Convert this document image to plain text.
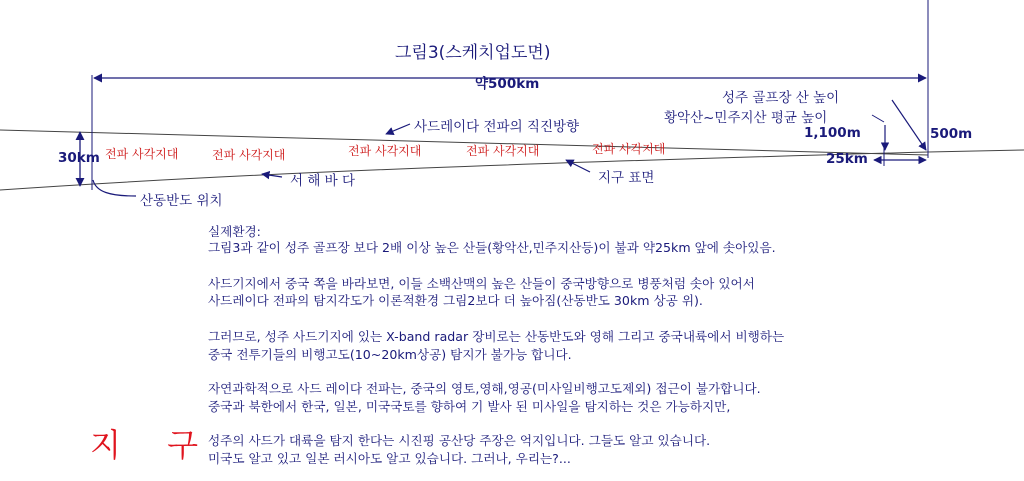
그림3(스케치업도면)
약500km
30km
성주 골프장 산 높이
황악산~민주지산 평균 높이
1,100m	500m
25km
사드레이다 전파의 직진방향
전파 사각지대	전파 사각지대	전파 사각지대	전파 사각지대	전파 사각지대
서 해 바 다	지구 표면
산동반도 위치
실제환경:
그림3과 같이 성주 골프장 보다 2배 이상 높은 산들(황악산,민주지산등)이 불과 약25km 앞에 솟아있음.
사드기지에서 중국 쪽을 바라보면, 이들 소백산맥의 높은 산들이 중국방향으로 병풍처럼 솟아 있어서
사드레이다 전파의 탐지각도가 이론적환경 그림2보다 더 높아짐(산동반도 30km 상공 위).
그러므로, 성주 사드기지에 있는 X-band radar 장비로는 산동반도와 영해 그리고 중국내륙에서 비행하는
중국 전투기들의 비행고도(10~20km상공) 탐지가 불가능 합니다.
자연과학적으로 사드 레이다 전파는, 중국의 영토,영해,영공(미사일비행고도제외) 접근이 불가합니다.
중국과 북한에서 한국, 일본, 미국국토를 향하여 기 발사 된 미사일을 탐지하는 것은 가능하지만,
성주의 사드가 대륙을 탐지 한다는 시진핑 공산당 주장은 억지입니다. 그들도 알고 있습니다.
미국도 알고 있고 일본 러시아도 알고 있습니다. 그러나, 우리는?...
지 구
